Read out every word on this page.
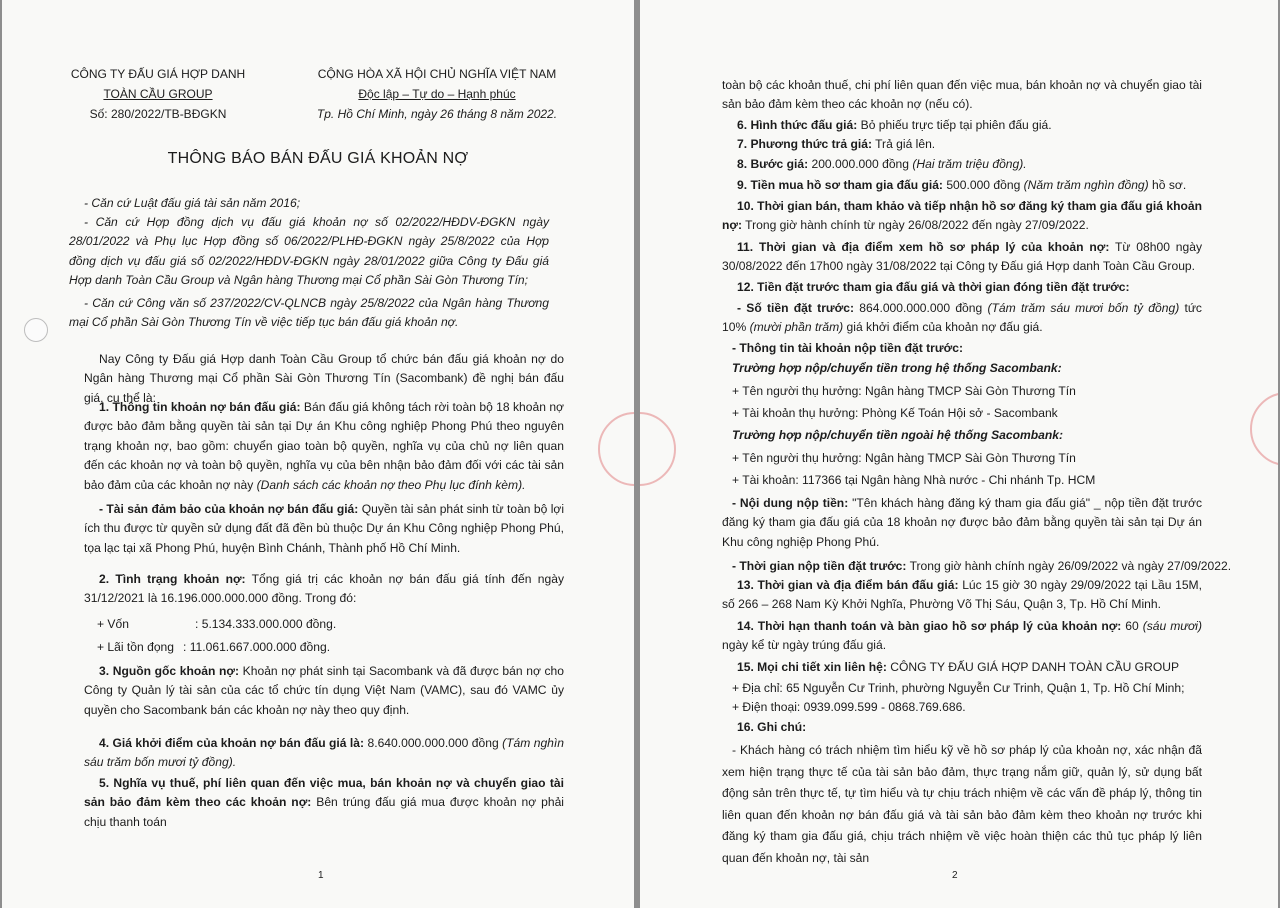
CÔNG TY ĐẤU GIÁ HỢP DANH
TOÀN CẦU GROUP
Số: 280/2022/TB-BĐGKN
CỘNG HÒA XÃ HỘI CHỦ NGHĨA VIỆT NAM
Độc lập – Tự do – Hạnh phúc
Tp. Hồ Chí Minh, ngày 26 tháng 8 năm 2022.
THÔNG BÁO BÁN ĐẤU GIÁ KHOẢN NỢ
- Căn cứ Luật đấu giá tài sản năm 2016;
- Căn cứ Hợp đồng dịch vụ đấu giá khoản nợ số 02/2022/HĐDV-ĐGKN ngày 28/01/2022 và Phụ lục Hợp đồng số 06/2022/PLHĐ-ĐGKN ngày 25/8/2022 của Hợp đồng dịch vụ đấu giá số 02/2022/HĐDV-ĐGKN ngày 28/01/2022 giữa Công ty Đấu giá Hợp danh Toàn Cầu Group và Ngân hàng Thương mại Cổ phần Sài Gòn Thương Tín;
- Căn cứ Công văn số 237/2022/CV-QLNCB ngày 25/8/2022 của Ngân hàng Thương mại Cổ phần Sài Gòn Thương Tín về việc tiếp tục bán đấu giá khoản nợ.
Nay Công ty Đấu giá Hợp danh Toàn Cầu Group tổ chức bán đấu giá khoản nợ do Ngân hàng Thương mại Cổ phần Sài Gòn Thương Tín (Sacombank) đề nghị bán đấu giá, cụ thể là:
1. Thông tin khoản nợ bán đấu giá: Bán đấu giá không tách rời toàn bộ 18 khoản nợ được bảo đảm bằng quyền tài sản tại Dự án Khu công nghiệp Phong Phú theo nguyên trạng khoản nợ, bao gồm: chuyển giao toàn bộ quyền, nghĩa vụ của chủ nợ liên quan đến các khoản nợ và toàn bộ quyền, nghĩa vụ của bên nhận bảo đảm đối với các tài sản bảo đảm của các khoản nợ này (Danh sách các khoản nợ theo Phụ lục đính kèm).
- Tài sản đảm bảo của khoản nợ bán đấu giá: Quyền tài sản phát sinh từ toàn bộ lợi ích thu được từ quyền sử dụng đất đã đền bù thuộc Dự án Khu Công nghiệp Phong Phú, tọa lạc tại xã Phong Phú, huyện Bình Chánh, Thành phố Hồ Chí Minh.
2. Tình trạng khoản nợ: Tổng giá trị các khoản nợ bán đấu giá tính đến ngày 31/12/2021 là 16.196.000.000.000 đồng. Trong đó:
+ Vốn	: 5.134.333.000.000 đồng.
+ Lãi tồn đọng : 11.061.667.000.000 đồng.
3. Nguồn gốc khoản nợ: Khoản nợ phát sinh tại Sacombank và đã được bán nợ cho Công ty Quản lý tài sản của các tổ chức tín dụng Việt Nam (VAMC), sau đó VAMC ủy quyền cho Sacombank bán các khoản nợ này theo quy định.
4. Giá khởi điểm của khoản nợ bán đấu giá là: 8.640.000.000.000 đồng (Tám nghìn sáu trăm bốn mươi tỷ đồng).
5. Nghĩa vụ thuế, phí liên quan đến việc mua, bán khoản nợ và chuyển giao tài sản bảo đảm kèm theo các khoản nợ: Bên trúng đấu giá mua được khoản nợ phải chịu thanh toán
1
toàn bộ các khoản thuế, chi phí liên quan đến việc mua, bán khoản nợ và chuyển giao tài sản bảo đảm kèm theo các khoản nợ (nếu có).
6. Hình thức đấu giá: Bỏ phiếu trực tiếp tại phiên đấu giá.
7. Phương thức trả giá: Trả giá lên.
8. Bước giá: 200.000.000 đồng (Hai trăm triệu đồng).
9. Tiền mua hồ sơ tham gia đấu giá: 500.000 đồng (Năm trăm nghìn đồng) hồ sơ.
10. Thời gian bán, tham khảo và tiếp nhận hồ sơ đăng ký tham gia đấu giá khoản nợ: Trong giờ hành chính từ ngày 26/08/2022 đến ngày 27/09/2022.
11. Thời gian và địa điểm xem hồ sơ pháp lý của khoản nợ: Từ 08h00 ngày 30/08/2022 đến 17h00 ngày 31/08/2022 tại Công ty Đấu giá Hợp danh Toàn Cầu Group.
12. Tiền đặt trước tham gia đấu giá và thời gian đóng tiền đặt trước:
- Số tiền đặt trước: 864.000.000.000 đồng (Tám trăm sáu mươi bốn tỷ đồng) tức 10% (mười phần trăm) giá khởi điểm của khoản nợ đấu giá.
- Thông tin tài khoản nộp tiền đặt trước:
Trường hợp nộp/chuyển tiền trong hệ thống Sacombank:
+ Tên người thụ hưởng: Ngân hàng TMCP Sài Gòn Thương Tín
+ Tài khoản thụ hưởng: Phòng Kế Toán Hội sở - Sacombank
Trường hợp nộp/chuyển tiền ngoài hệ thống Sacombank:
+ Tên người thụ hưởng: Ngân hàng TMCP Sài Gòn Thương Tín
+ Tài khoản: 117366 tại Ngân hàng Nhà nước - Chi nhánh Tp. HCM
- Nội dung nộp tiền: "Tên khách hàng đăng ký tham gia đấu giá" _ nộp tiền đặt trước đăng ký tham gia đấu giá của 18 khoản nợ được bảo đảm bằng quyền tài sản tại Dự án Khu công nghiệp Phong Phú.
- Thời gian nộp tiền đặt trước: Trong giờ hành chính ngày 26/09/2022 và ngày 27/09/2022.
13. Thời gian và địa điểm bán đấu giá: Lúc 15 giờ 30 ngày 29/09/2022 tại Lầu 15M, số 266 – 268 Nam Kỳ Khởi Nghĩa, Phường Võ Thị Sáu, Quận 3, Tp. Hồ Chí Minh.
14. Thời hạn thanh toán và bàn giao hồ sơ pháp lý của khoản nợ: 60 (sáu mươi) ngày kể từ ngày trúng đấu giá.
15. Mọi chi tiết xin liên hệ: CÔNG TY ĐẤU GIÁ HỢP DANH TOÀN CẦU GROUP
+ Địa chỉ: 65 Nguyễn Cư Trinh, phường Nguyễn Cư Trinh, Quận 1, Tp. Hồ Chí Minh;
+ Điện thoại: 0939.099.599 - 0868.769.686.
16. Ghi chú:
- Khách hàng có trách nhiệm tìm hiểu kỹ về hồ sơ pháp lý của khoản nợ, xác nhận đã xem hiện trạng thực tế của tài sản bảo đảm, thực trạng nắm giữ, quản lý, sử dụng bất động sản trên thực tế, tự tìm hiểu và tự chịu trách nhiệm về các vấn đề pháp lý, thông tin liên quan đến khoản nợ bán đấu giá và tài sản bảo đảm kèm theo khoản nợ trước khi đăng ký tham gia đấu giá, chịu trách nhiệm về việc hoàn thiện các thủ tục pháp lý liên quan đến khoản nợ, tài sản
2
